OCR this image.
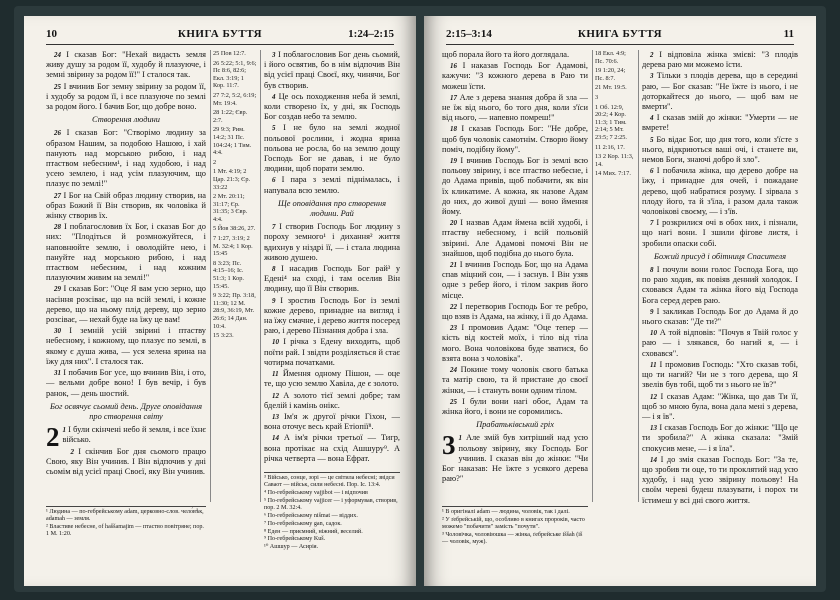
10	КНИГА БУТТЯ	1:24–2:15

24 І сказав Бог: "Нехай видасть земля живу душу за родом її, худобу й плазуюче, і земні звірину за родом її!" І сталося так.

25 І вчинив Бог земну звірину за родом її, і худобу за родом її, і все плазуюче по землі за родом його. І бачив Бог, що добре воно.

Створення людини

26 І сказав Бог: "Створімо людину за образом Нашим, за подобою Нашою, і хай панують над морською рибою, і над птаством небесним¹, і над худобою, і над усею землею, і над усім плазуючим, що плазує по землі!"

27 І Бог на Свій образ людину створив, на образ Божий її Він створив, як чоловіка й жінку створив їх.

28 І поблагословив їх Бог, і сказав Бог до них: "Плодіться й розмножуйтеся, і наповнюйте землю, і оволодійте нею, і пануйте над морською рибою, і над птаством небесним, і над кожним плазуючим живим на землі!"

29 І сказав Бог: "Оце Я вам усю зерно, що насіння розсіває, що на всій землі, і кожне дерево, що на ньому плід дереву, що зерно розсіває, — нехай буде на їжу це вам!

30 І земній усій звірині і птаству небесному, і кожному, що плазує по землі, в якому є душа жива, — уся зелена ярина на їжу для них". І сталося так.

31 І побачив Бог усе, що вчинив Він, і ото, — вельми добре воно! І був вечір, і був ранок, — день шостий.

Бог освячує сьомий день. Друге оповідання про створення світу

2 1 І були скінчені небо й земля, і все їхнє військо.

2 І скінчив Бог дня сьомого працю Свою, яку Він учинив. І Він відпочив у дні сьомім від усієї праці Своєї, яку Він учинив.

25 Пов 12:7.
26 5:22; 5:1, 9:6; Пс 8:6, 82:6; Екл. 3:19; 1 Кор. 11:7.
27 7:2, 5:2, 6:19; Мт. 19:4.
28 1:22; Євр. 2:7.
29 9:3; Рим. 14:2; 31 Пс. 104:24; 1 Тим. 4:4.
2
1 Мт. 4:19; 2 Цар. 21:3; Єр. 33:22
2 Мт. 20:11; 31:17; Єр. 31:35; 3 Євр. 4:4.
5 Йов 38:26, 27.
7 1:27, 3:19; 2 М. 32:4; 1 Кор. 15:45
8 3:23; Пс. 4:15–16; Іс. 51:3; 1 Кор. 15:45.
9 3:22; Пр. 3:18, 11:30; 12 М. 28:9, 36:19, Мт. 26:6; 14 Дан. 10:4.
15 3:23.

3 І поблагословив Бог день сьомий, і його освятив, бо в нім відпочив Він від усієї праці Своєї, яку, чинячи, Бог був створив.

4 Це ось походження неба й землі, коли створено їх, у дні, як Господь Бог создав небо та землю.

5 І не було на землі жодної польової рослини, і жодна ярина польова не росла, бо на землю дощу Господь Бог не давав, і не було людини, щоб порати землю.

6 І пара з землі піднімалась, і напувала всю землю.

Ще оповідання про створення людини. Рай

7 І створив Господь Бог людину з пороху земного¹ і дихання² життя вдихнув у ніздрі її, — і стала людина живою душею.

8 І насадив Господь Бог рай³ у Едені⁴ на сході, і там оселив Він людину, що її Він створив.

9 І зростив Господь Бог із землі кожне дерево, принадне на вигляд і на їжу смачне, і дерево життя посеред раю, і дерево Пізнання добра і зла.

10 І річка з Едену виходить, щоб поїти рай. І звідти розділяється й стає чотирма початками.

11 Ймення одному Пішон, — оце те, що усю землю Хавіла, де є золото.

12 А золото тієї землі добре; там бделій і камінь онікс.

13 Ім'я ж другої річки Гіхон, — вона оточує весь край Етіопії⁸.

14 А ім'я річки третьої — Тигр, вона протікає на схід Ашшуру⁹. А річка четверта — вона Ефрат.

¹ Людина — по-гебрейському adam, церковно-слов. чело́вѣк, adamah — земля.
² Властиве небесне, оf haššamajim — птаство повітряне; пор. 1 М. 1:20.
³ Військо, сонце, зорі — це світила небесні; звідси Саваот — військ, сили небесні. Пор. Іс. 13:4.
⁴ По-гебрейському vajjibot — і відпочив
⁵ По-гебрейському vajjicer — і уформував, створив, пор. 2 М. 32:4.
⁶ По-гебрейському nišmat — віддих.
⁷ По-гебрейському gan, садок.
⁸ Еден — приємний, ніжний, веселий.
⁹ По-гебрейському Kuš.
¹⁰ Ашшур — Асирія.
11
КНИГА БУТТЯ
2:15–3:14

щоб порала його та його доглядала.

16 І наказав Господь Бог Адамові, кажучи: "З кожного дерева в Раю ти можеш їсти.

17 Але з дерева знання добра й зла — не їж від нього, бо того дня, коли з'їси від нього, — напевно помреш!"

18 І сказав Господь Бог: "Не добре, щоб був чоловік самотнім. Створю йому поміч, подібну йому".

19 І вчинив Господь Бог із землі всю польову звірину, і все птаство небесне, і до Адама привів, щоб побачити, як він їх кликатиме. А кожна, як назове Адам до них, до живої душі — воно ймення йому.

20 І назвав Адам ймена всій худобі, і птаству небесному, і всій польовій звірині. Але Адамові помочі Він не знайшов, щоб подібна до нього була.

21 І вчинив Господь Бог, що на Адама спав міцний сон, — і заснув. І Він узяв одне з ребер його, і тілом закрив його місце.

22 І перетворив Господь Бог те ребро, що взяв із Адама, на жінку, і її до Адама.

23 І промовив Адам: "Оце тепер — кість від костей моїх, і тіло від тіла мого. Вона чоловікова буде зватися, бо взята вона з чоловіка".

24 Покине тому чоловік свого батька та матір свою, та й пристане до своєї жінки, — і стануть вони одним тілом.

25 І були вони нагі обоє, Адам та жінка його, і вони не соромились.

Прабатьківський гріх

3 1 Але змій був хитріший над усю польову звірину, яку Господь Бог учинив. І сказав він до жінки: "Чи Бог наказав: Не їжте з усякого дерева раю?"

18 Екл. 4:9; Пс. 70:6.
19 1:20, 24; Пс. 8:7.
21 Мт. 19:5.
3
1 Об. 12:9, 20:2; 4 Кор. 11:3; 1 Тим. 2:14; 5 Мт. 23:5; 7 2:25.
11 2:16, 17.
13 2 Кор. 11:3, 14.
14 Мих. 7:17.

2 І відповіла жінка змієві: "З плодів дерева раю ми можемо їсти.

3 Тільки з плодів дерева, що в середині раю, — Бог сказав: "Не їжте із нього, і не доторкайтеся до нього, — щоб вам не вмерти".

4 І сказав змій до жінки: "Умерти — не вмрете!

5 Бо відає Бог, що дня того, коли з'їсте з нього, відкриються ваші очі, і станете ви, немов Боги, знаючі добро й зло".

6 І побачила жінка, що дерево добре на їжу, і принадне для очей, і пожадане дерево, щоб набратися розуму. І зірвала з плоду його, та й з'їла, і разом дала також чоловікові своєму, — і з'їв.

7 І розкрилися очі в обох них, і пізнали, що нагі вони. І зшили фігове листя, і зробили опаски собі.

Божий присуд і обітниця Спасителя

8 І почули вони голос Господа Бога, що по раю ходив, як повіяв денний холодок. І сховався Адам та жінка його від Господа Бога серед дерев раю.

9 І закликав Господь Бог до Адама й до нього сказав: "Де ти?"

10 А той відповів: "Почув я Твій голос у раю — і злякався, бо нагий я, — і сховався".

11 І промовив Господь: "Хто сказав тобі, що ти нагий? Чи не з того дерева, що Я звелів був тобі, щоб ти з нього не їв?"

12 І сказав Адам: "Жінка, що дав Ти її, щоб зо мною була, вона дала мені з дерева, — і я їв".

13 І сказав Господь Бог до жінки: "Що це ти зробила?" А жінка сказала: "Змій спокусив мене, — і я їла".

14 І до змія сказав Господь Бог: "За те, що зробив ти оце, то ти проклятий над усю худобу, і над усю звірину польову! На своїм череві будеш плазувати, і порох ти їстимеш у всі дні свого життя.

¹ В оригіналі adam — людина, чоловік, так і далі.
² У ґебрейській, що, особливо в книгах пророків, часто можемо "побачити" замість "почути".
³ Чоловічка, чоловіюшка — жінка, ґебрейське iššah (iš — чоловік, муж).
